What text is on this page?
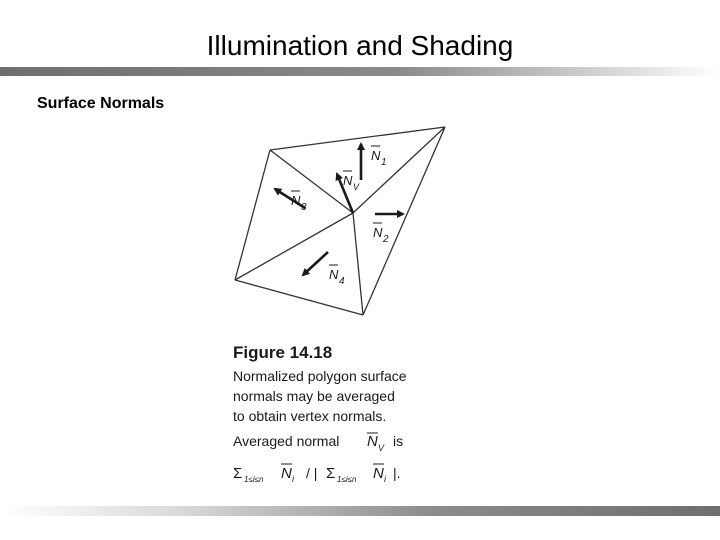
Illumination and Shading
Surface Normals
N 1
N V
N 2
N 3
N 4
Figure 14.18
Normalized polygon surface
normals may be averaged
to obtain vertex normals.
Averaged normal N V is
Σ 1≤i≤n N i / | Σ 1≤i≤n N i |.
